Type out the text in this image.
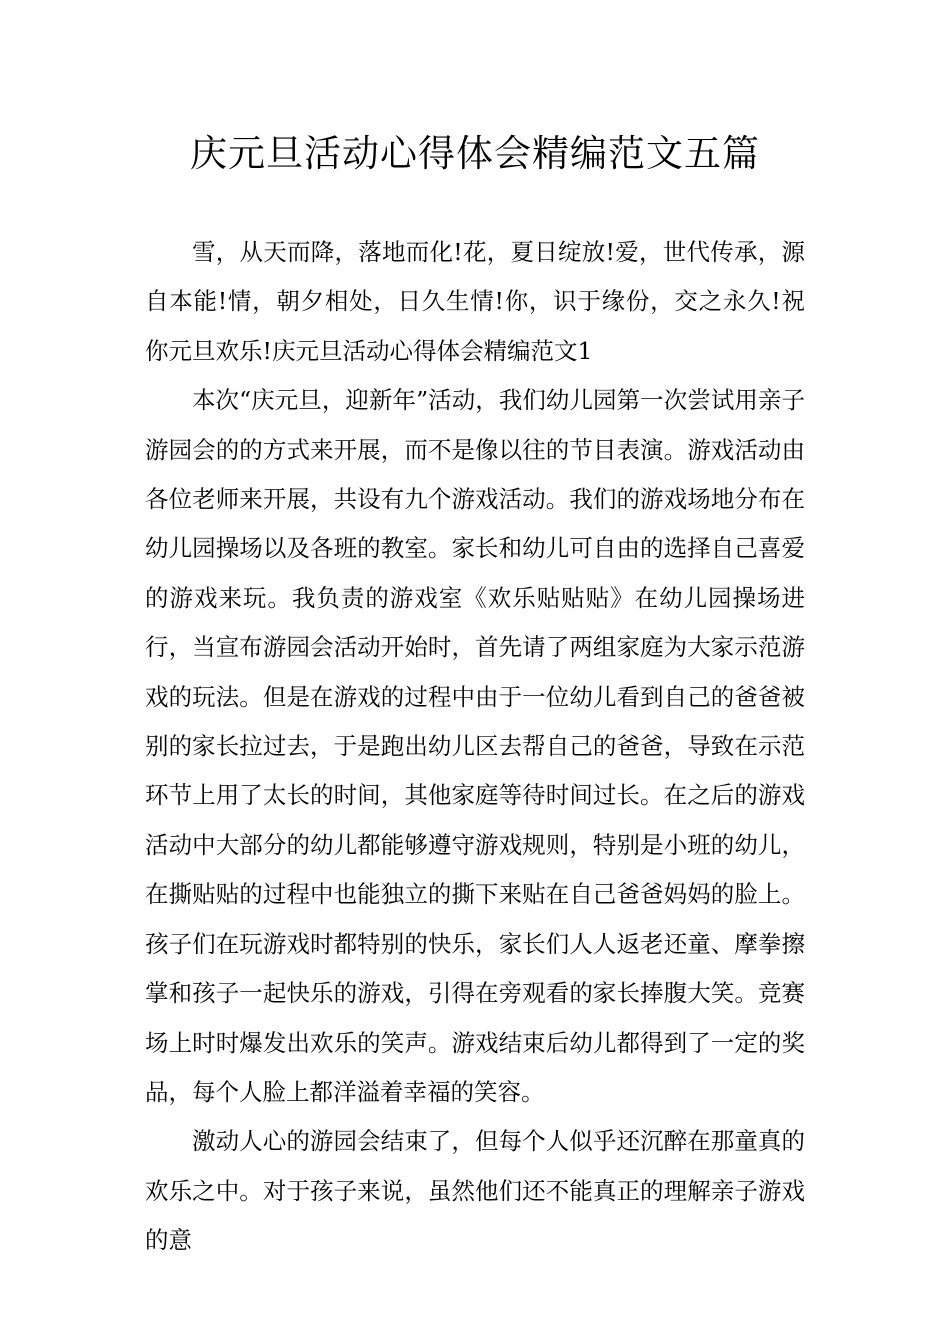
庆元旦活动心得体会精编范文五篇

雪，从天而降，落地而化!花，夏日绽放!爱，世代传承，源自本能!情，朝夕相处，日久生情!你，识于缘份，交之永久!祝你元旦欢乐!庆元旦活动心得体会精编范文1

本次“庆元旦，迎新年”活动，我们幼儿园第一次尝试用亲子游园会的的方式来开展，而不是像以往的节目表演。游戏活动由各位老师来开展，共设有九个游戏活动。我们的游戏场地分布在幼儿园操场以及各班的教室。家长和幼儿可自由的选择自己喜爱的游戏来玩。我负责的游戏室《欢乐贴贴贴》在幼儿园操场进行，当宣布游园会活动开始时，首先请了两组家庭为大家示范游戏的玩法。但是在游戏的过程中由于一位幼儿看到自己的爸爸被别的家长拉过去，于是跑出幼儿区去帮自己的爸爸，导致在示范环节上用了太长的时间，其他家庭等待时间过长。在之后的游戏活动中大部分的幼儿都能够遵守游戏规则，特别是小班的幼儿，在撕贴贴的过程中也能独立的撕下来贴在自己爸爸妈妈的脸上。孩子们在玩游戏时都特别的快乐，家长们人人返老还童、摩拳擦掌和孩子一起快乐的游戏，引得在旁观看的家长捧腹大笑。竞赛场上时时爆发出欢乐的笑声。游戏结束后幼儿都得到了一定的奖品，每个人脸上都洋溢着幸福的笑容。

激动人心的游园会结束了，但每个人似乎还沉醉在那童真的欢乐之中。对于孩子来说，虽然他们还不能真正的理解亲子游戏的意
